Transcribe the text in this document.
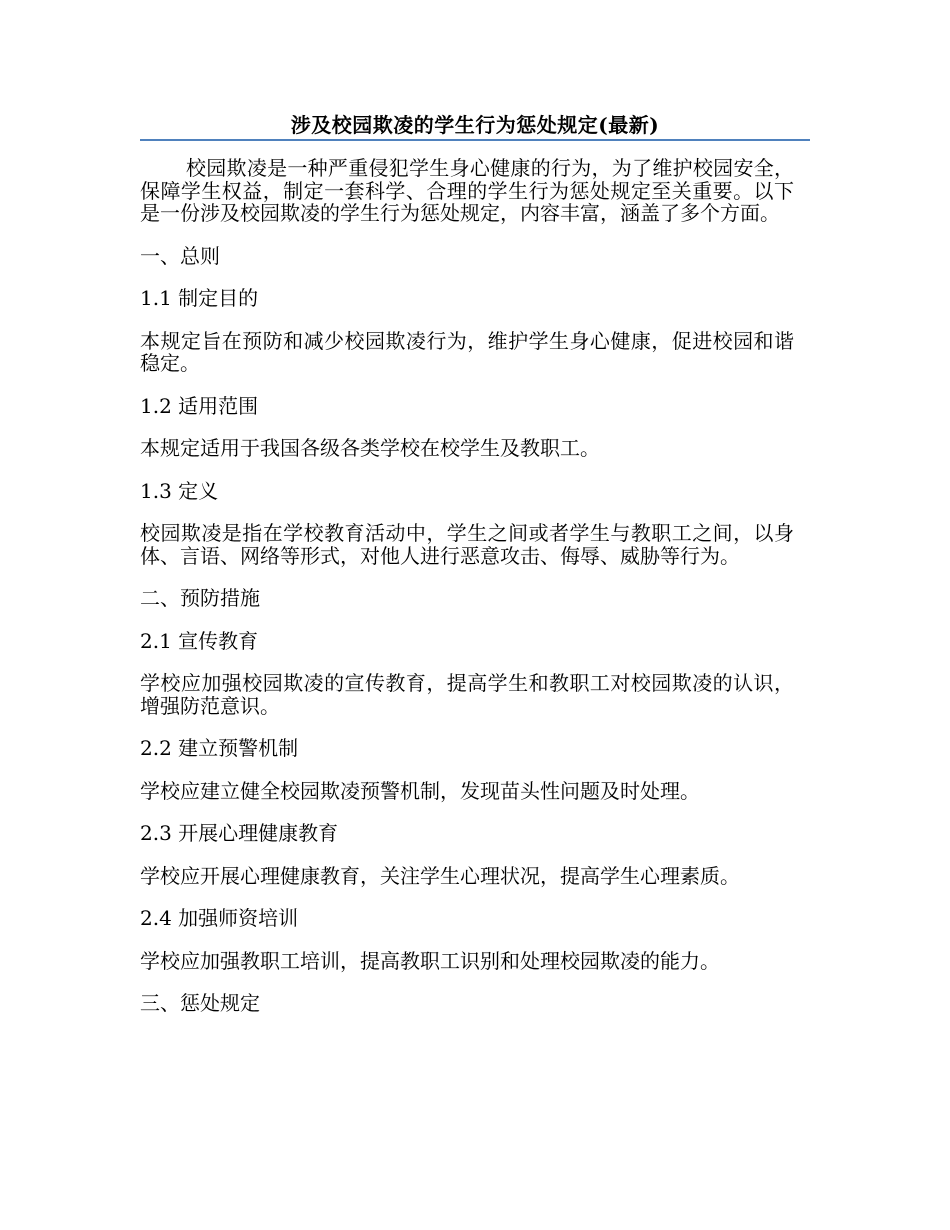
涉及校园欺凌的学生行为惩处规定(最新)

校园欺凌是一种严重侵犯学生身心健康的行为，为了维护校园安全，保障学生权益，制定一套科学、合理的学生行为惩处规定至关重要。以下是一份涉及校园欺凌的学生行为惩处规定，内容丰富，涵盖了多个方面。

一、总则

1.1 制定目的

本规定旨在预防和减少校园欺凌行为，维护学生身心健康，促进校园和谐稳定。

1.2 适用范围

本规定适用于我国各级各类学校在校学生及教职工。

1.3 定义

校园欺凌是指在学校教育活动中，学生之间或者学生与教职工之间，以身体、言语、网络等形式，对他人进行恶意攻击、侮辱、威胁等行为。

二、预防措施

2.1 宣传教育

学校应加强校园欺凌的宣传教育，提高学生和教职工对校园欺凌的认识，增强防范意识。

2.2 建立预警机制

学校应建立健全校园欺凌预警机制，发现苗头性问题及时处理。

2.3 开展心理健康教育

学校应开展心理健康教育，关注学生心理状况，提高学生心理素质。

2.4 加强师资培训

学校应加强教职工培训，提高教职工识别和处理校园欺凌的能力。

三、惩处规定
